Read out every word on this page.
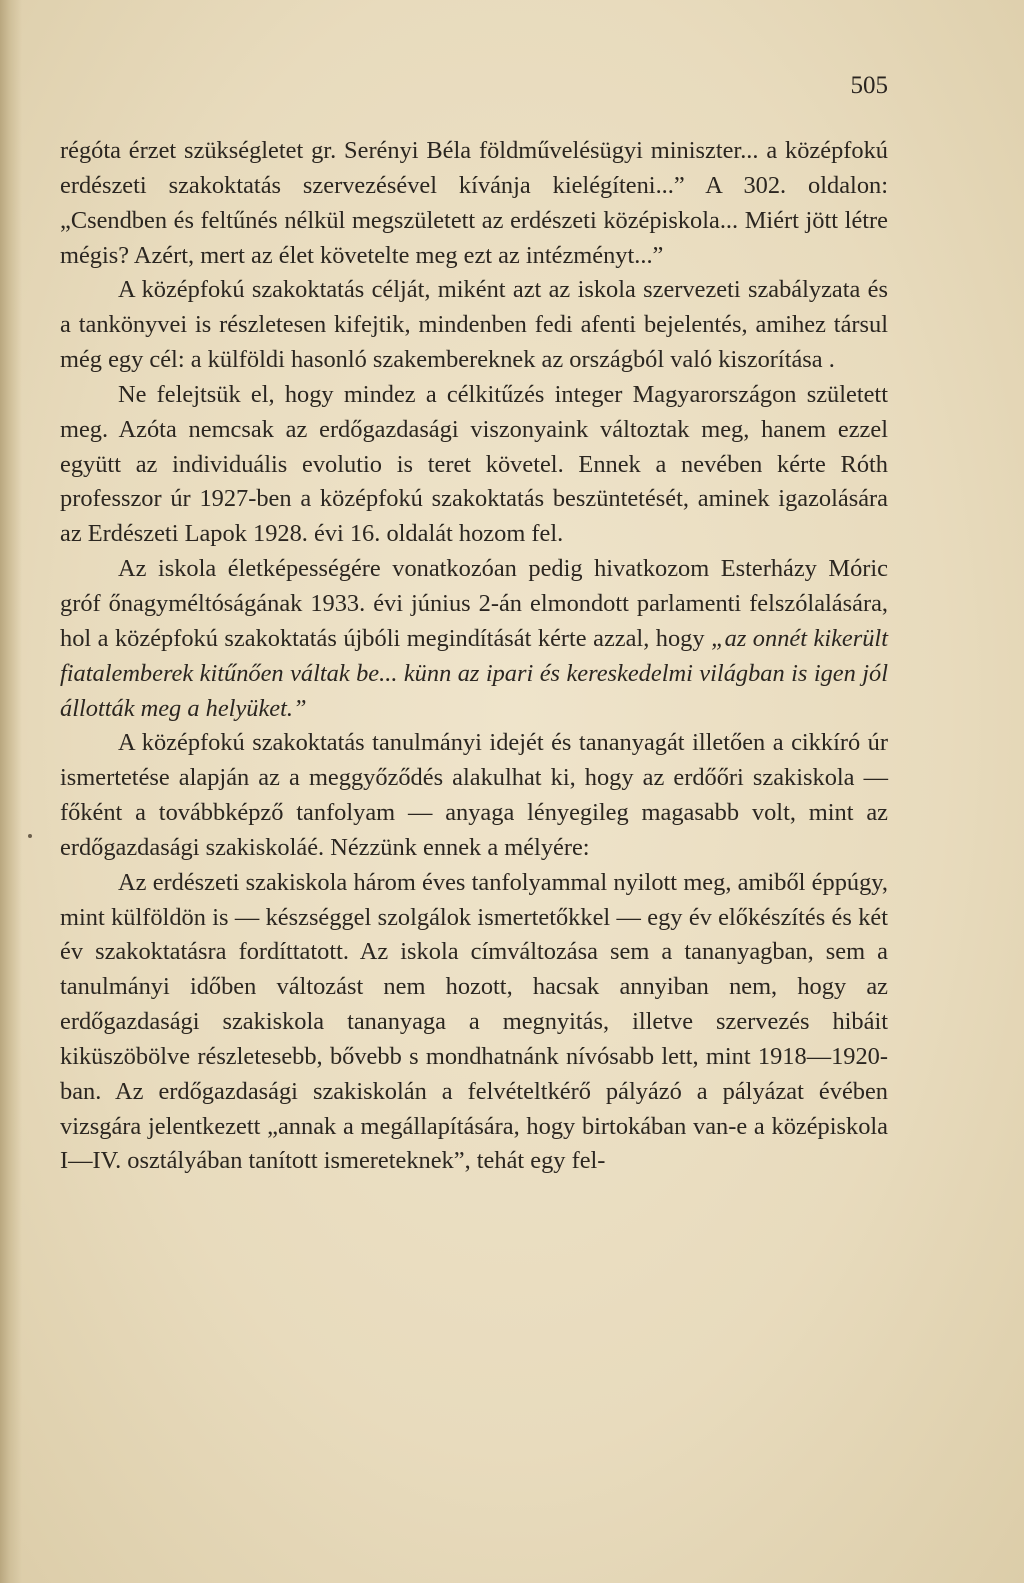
505

régóta érzet szükségletet gr. Serényi Béla földművelésügyi miniszter... a középfokú erdészeti szakoktatás szervezésével kívánja kielégíteni...” A 302. oldalon: „Csendben és feltűnés nélkül megszületett az erdészeti középiskola... Miért jött létre mégis? Azért, mert az élet követelte meg ezt az intézményt...”

A középfokú szakoktatás célját, miként azt az iskola szervezeti szabályzata és a tankönyvei is részletesen kifejtik, mindenben fedi afenti bejelentés, amihez társul még egy cél: a külföldi hasonló szakembereknek az országból való kiszorítása .

Ne felejtsük el, hogy mindez a célkitűzés integer Magyarországon született meg. Azóta nemcsak az erdőgazdasági viszonyaink változtak meg, hanem ezzel együtt az individuális evolutio is teret követel. Ennek a nevében kérte Róth professzor úr 1927-ben a középfokú szakoktatás beszüntetését, aminek igazolására az Erdészeti Lapok 1928. évi 16. oldalát hozom fel.

Az iskola életképességére vonatkozóan pedig hivatkozom Esterházy Móric gróf őnagyméltóságának 1933. évi június 2-án elmondott parlamenti felszólalására, hol a középfokú szakoktatás újbóli megindítását kérte azzal, hogy „az onnét kikerült fiatalemberek kitűnően váltak be... künn az ipari és kereskedelmi világban is igen jól állották meg a helyüket.”

A középfokú szakoktatás tanulmányi idejét és tananyagát illetően a cikkíró úr ismertetése alapján az a meggyőződés alakulhat ki, hogy az erdőőri szakiskola — főként a továbbképző tanfolyam — anyaga lényegileg magasabb volt, mint az erdőgazdasági szakiskoláé. Nézzünk ennek a mélyére:

Az erdészeti szakiskola három éves tanfolyammal nyilott meg, amiből éppúgy, mint külföldön is — készséggel szolgálok ismertetőkkel — egy év előkészítés és két év szakoktatásra fordíttatott. Az iskola címváltozása sem a tananyagban, sem a tanulmányi időben változást nem hozott, hacsak annyiban nem, hogy az erdőgazdasági szakiskola tananyaga a megnyitás, illetve szervezés hibáit kiküszöbölve részletesebb, bővebb s mondhatnánk nívósabb lett, mint 1918—1920-ban. Az erdőgazdasági szakiskolán a felvételtkérő pályázó a pályázat évében vizsgára jelentkezett „annak a megállapítására, hogy birtokában van-e a középiskola I—IV. osztályában tanított ismereteknek”, tehát egy fel-
